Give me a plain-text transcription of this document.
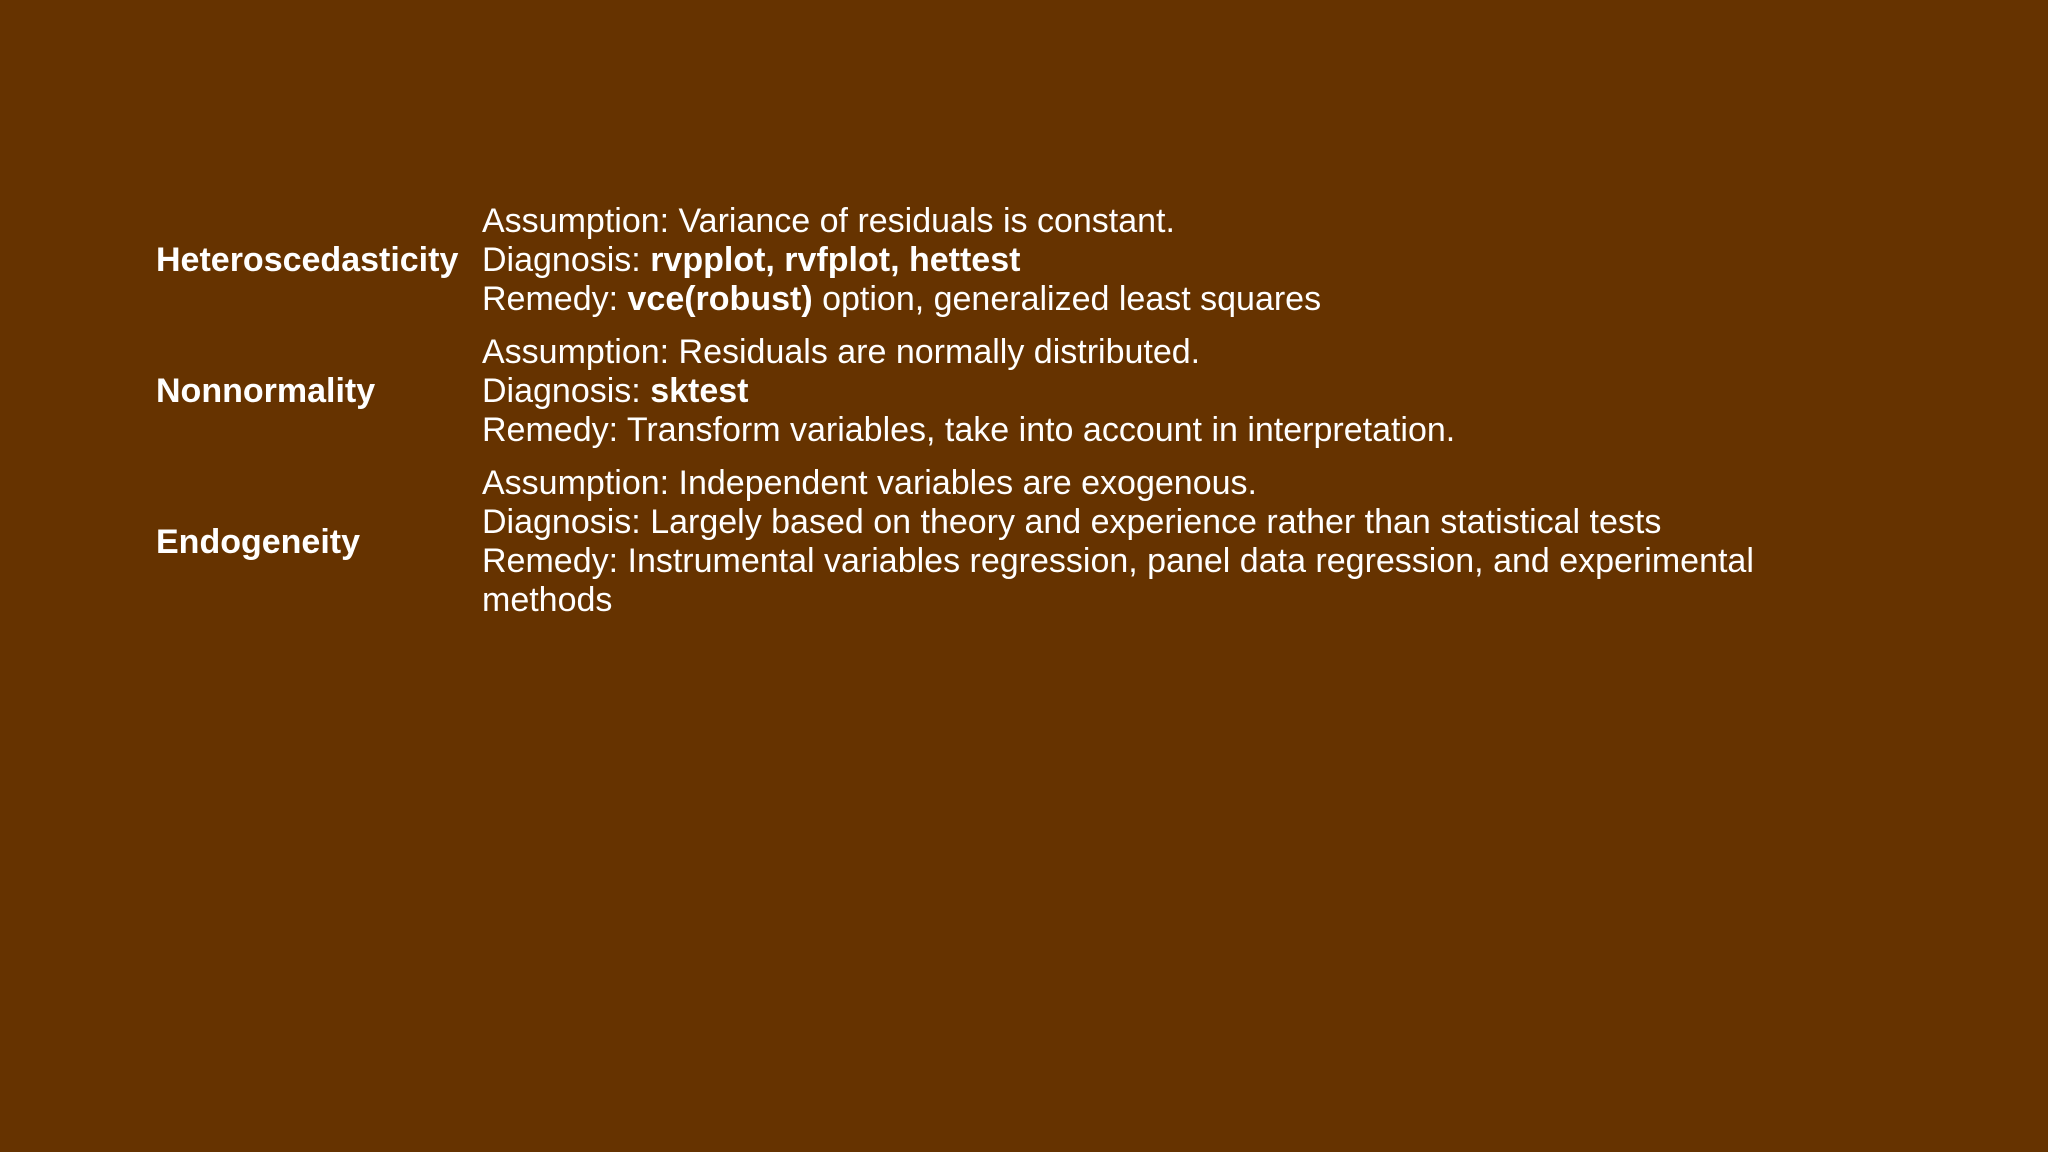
Heteroscedasticity
Assumption: Variance of residuals is constant.
Diagnosis: rvpplot, rvfplot, hettest
Remedy: vce(robust) option, generalized least squares
Nonnormality
Assumption: Residuals are normally distributed.
Diagnosis: sktest
Remedy: Transform variables, take into account in interpretation.
Endogeneity
Assumption: Independent variables are exogenous.
Diagnosis: Largely based on theory and experience rather than statistical tests
Remedy: Instrumental variables regression, panel data regression, and experimental methods
